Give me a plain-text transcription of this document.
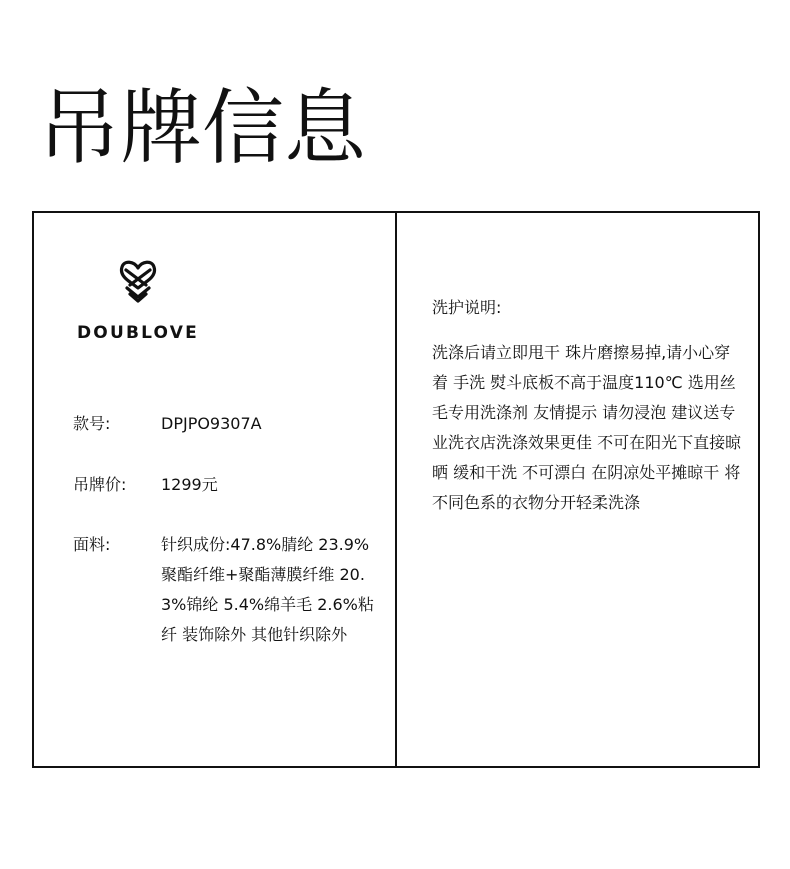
吊牌信息
DOUBLOVE
款号:	DPJPO9307A
吊牌价: 1299元
面料:	针织成份:47.8%腈纶 23.9%聚酯纤维+聚酯薄膜纤维 20.3%锦纶 5.4%绵羊毛 2.6%粘纤 装饰除外 其他针织除外
洗护说明:
洗涤后请立即甩干 珠片磨擦易掉,请小心穿着 手洗 熨斗底板不高于温度110℃ 选用丝毛专用洗涤剂 友情提示 请勿浸泡 建议送专业洗衣店洗涤效果更佳 不可在阳光下直接晾晒 缓和干洗 不可漂白 在阴凉处平摊晾干 将不同色系的衣物分开轻柔洗涤
